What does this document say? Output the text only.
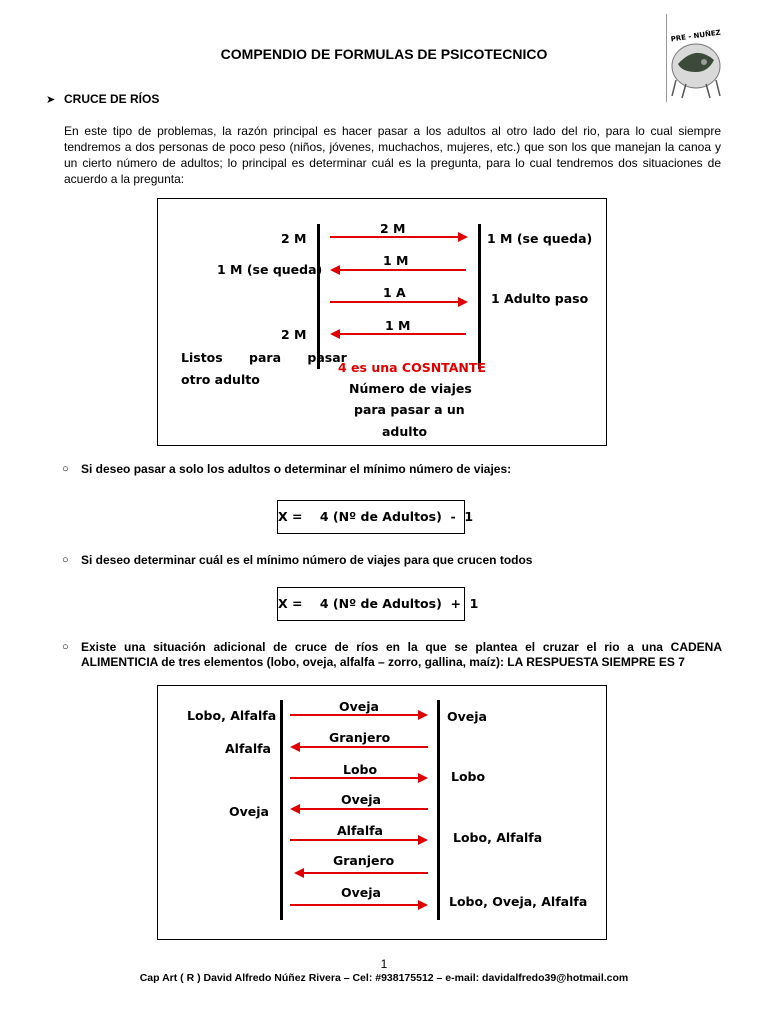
COMPENDIO DE FORMULAS DE PSICOTECNICO
PRE - NUÑEZ
➤ CRUCE DE RÍOS
En este tipo de problemas, la razón principal es hacer pasar a los adultos al otro lado del rio, para lo cual siempre tendremos a dos personas de poco peso (niños, jóvenes, muchachos, mujeres, etc.) que son los que manejan la canoa y un cierto número de adultos; lo principal es determinar cuál es la pregunta, para lo cual tendremos dos situaciones de acuerdo a la pregunta:
2 M
1 M
1 A
1 M
2 M
1 M (se queda)
2 M
Listos para pasar
otro adulto
1 M (se queda)
1 Adulto paso
4 es una COSNTANTE
Número de viajes
para pasar a un
adulto
○ Si deseo pasar a solo los adultos o determinar el mínimo número de viajes:
X =    4 (Nº de Adultos)  -  1
○ Si deseo determinar cuál es el mínimo número de viajes para que crucen todos
X =    4 (Nº de Adultos)  +  1
○ Existe una situación adicional de cruce de ríos en la que se plantea el cruzar el rio a una CADENA
ALIMENTICIA de tres elementos (lobo, oveja, alfalfa – zorro, gallina, maíz): LA RESPUESTA SIEMPRE ES 7
Oveja
Granjero
Lobo
Oveja
Alfalfa
Granjero
Oveja
Lobo, Alfalfa
Alfalfa
Oveja
Oveja
Lobo
Lobo, Alfalfa
Lobo, Oveja, Alfalfa
1
Cap Art ( R ) David Alfredo Núñez Rivera – Cel: #938175512 – e-mail: davidalfredo39@hotmail.com
